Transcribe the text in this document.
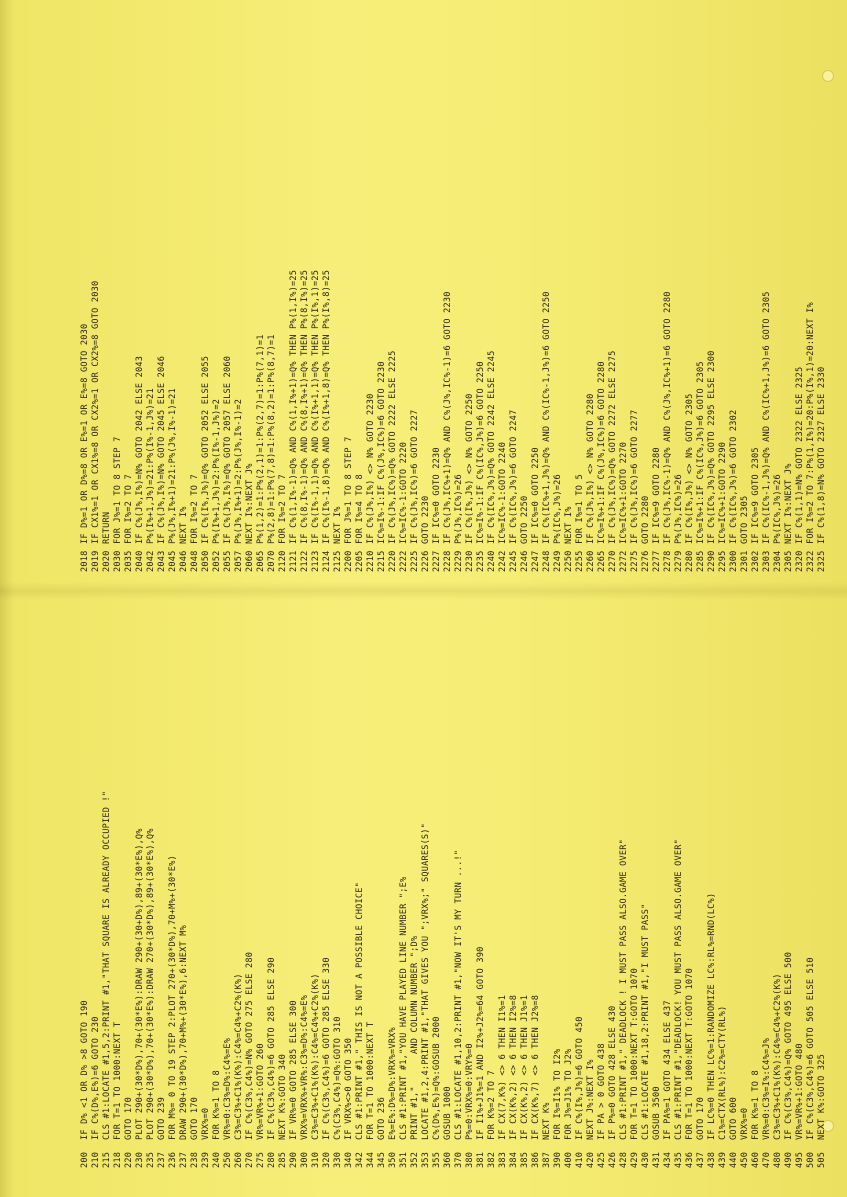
200
IF D% <1 OR D% >8 GOTO 190
210
IF C%(D%,E%)=6 GOTO 230
215
CLS #1:LOCATE #1,5,2:PRINT #1,"THAT SQUARE IS ALREADY OCCUPIED !"
218
FOR T=1 TO 1000:NEXT T
220
GOTO 170
230
PLOT 290+(30*D%),70+(30*E%):DRAW 290+(30+D%),89+(30*E%),Q%
235
PLOT 290+(30*D%),70+(30*E%):DRAW 270+(30*D%),89+(30*E%),Q%
237
GOTO 239
236
FOR M%= 0 TO 19 STEP 2:PLOT 270+(30*D%),70+M%+(30*E%)
237
DRAW 290+(30*D%),70+M%+(30*E%),6:NEXT M%
238
GOTO 170
239
VRX%=0
240
FOR K%=1 TO 8
250
VR%=0:C3%=D%:C4%=E%
260
C3%=C3%+C1%(K%):C4%=C4%+C2%(K%)
270
IF C%(C3%,C4%)=N% GOTO 275 ELSE 280
275
VR%=VR%+1:GOTO 260
280
IF C%(C3%,C4%)=6 GOTO 285 ELSE 290
285
NEXT K%:GOTO 340
290
IF VR%=0 GOTO 285 ELSE 300
300
VRX%=VRX%+VR%:C3%=D%:C4%=E%
310
C3%=C3%+C1%(K%):C4%=C4%+C2%(K%)
320
IF C%(C3%,C4%)=6 GOTO 285 ELSE 330
330
C%(C3%,C4%)=Q%:GOTO 310
340
IF VRX%<>0 GOTO 350
342
CLS #1:PRINT #1," THIS IS NOT A POSSIBLE CHOICE"
344
FOR T=1 TO 1000:NEXT T
345
GOTO 236
350
E%=E%:D%=D%:VRX%=VRX%
351
CLS #1:PRINT #1,"YOU HAVE PLAYED LINE NUMBER ";E%
352
PRINT #1,"      AND COLUMN NUMBER ";D%
353
LOCATE #1,2,4:PRINT #1,"THAT GIVES YOU ";VRX%;" SQUARES(S)"
355
C%(D%,E%)=Q%:GOSUB 2000
360
GOSUB 1000
370
CLS #1:LOCATE #1,10,2:PRINT #1,"NOW IT'S MY TURN ...!"
380
P%=0:VRX%=0:VRY%=0
381
IF I1%+J1%=1 AND I2%+J2%=64 GOTO 390
382
FOR K%=2 TO 7
383
IF CX(7,K%) <> 6 THEN I1%=1
384
IF CX(K%,2) <> 6 THEN I2%=8
385
IF CX(K%,2) <> 6 THEN J1%=1
386
IF CX(K%,7) <> 6 THEN J2%=8
387
NEXT K%
390
FOR I%=I1% TO I2%
400
FOR J%=J1% TO J2%
410
IF C%(I%,J%)=6 GOTO 450
420
NEXT J%:NEXT I%
425
IF PA > 0 GOTO 438
426
IF P%=0 GOTO 428 ELSE 430
428
CLS #1:PRINT #1," DEADLOCK ! I MUST PASS ALSO.GAME OVER"
429
FOR T=1 TO 1000:NEXT T:GOTO 1070
430
CLS #1:LOCATE #1,18,2:PRINT #1,"I MUST PASS"
431
GOSUB 3500
434
IF PA%=1 GOTO 434 ELSE 437
435
CLS #1:PRINT #1,"DEADLOCK! YOU MUST PASS ALSO.GAME OVER"
436
FOR T=1 TO 1000:NEXT T:GOTO 1070
437
GOTO 170
438
IF LC%=0 THEN LC%=1:RANDOMIZE LC%:RL%=RND(LC%)
439
C1%=CTX(RL%):C2%=CTY(RL%)
440
GOTO 600
450
VRX%=0
460
FOR K%=1 TO 8
470
VR%=0:C3%=I%:C4%=J%
480
C3%=C3%+C1%(K%):C4%=C4%+C2%(K%)
490
IF C%(C3%,C4%)=Q% GOTO 495 ELSE 500
495
VR%=VR%+1:GOTO 480
500
IF C%(C3%,C4%)=6 GOTO 505 ELSE 510
505
NEXT K%:GOTO 325
2018
IF D%=1 OR D%=8 OR E%=1 OR E%=8 GOTO 2030
2019
IF CX1%=1 OR CX1%=8 OR CX2%=1 OR CX2%=8 GOTO 2030
2020
RETURN
2030
FOR J%=1 TO 8 STEP 7
2035
FOR I%=2 TO 7
2040
IF C%(J%,I%)=N% GOTO 2042 ELSE 2043
2042
P%(I%+1,J%)=21:P%(I%-1,J%)=21
2043
IF C%(J%,I%)=N% GOTO 2045 ELSE 2046
2045
P%(J%,I%+1)=21:P%(J%,I%-1)=21
2046
NEXT I%
2048
FOR I%=2 TO 7
2050
IF C%(I%,J%)=Q% GOTO 2052 ELSE 2055
2052
P%(I%+1,J%)=2:P%(I%-1,J%)=2
2055
IF C%(J%,I%)=Q% GOTO 2057 ELSE 2060
2057
P%(J%,I%+1)=2:P%(J%,I%-1)=2
2060
NEXT I%:NEXT J%
2065
P%(1,2)=1:P%(2,1)=1:P%(2,7)=1:P%(7,1)=1
2070
P%(2,8)=1:P%(7,8)=1:P%(8,2)=1:P%(8,7)=1
2120
FOR I%=2 TO 7
2121
IF C%(1,I%-1)=Q% AND C%(1,I%+1)=Q% THEN P%(1,I%)=25
2122
IF C%(8,I%-1)=Q% AND C%(8,I%+1)=Q% THEN P%(8,I%)=25
2123
IF C%(I%-1,1)=Q% AND C%(I%+1,1)=Q% THEN P%(I%,1)=25
2124
IF C%(I%-1,8)=Q% AND C%(I%+1,8)=Q% THEN P%(I%,8)=25
2125
NEXT I%
2200
FOR J%=1 TO 8 STEP 7
2205
FOR I%=4 TO 8
2210
IF C%(J%,I%) <> N% GOTO 2230
2215
IC%=I%-1:IF C%(J%,IC%)=6 GOTO 2230
2220
IF C%(J%,IC%)=Q% GOTO 2222 ELSE 2225
2222
IC%=IC%-1:GOTO 2220
2225
IF C%(J%,IC%)=6 GOTO 2227
2226
GOTO 2230
2227
IF IC%=0 GOTO 2230
2228
IF C%(J%,IC%+1)=Q% AND C%(J%,IC%-1)=6 GOTO 2230
2229
P%(J%,IC%)=26
2230
IF C%(I%,J%) <> N% GOTO 2250
2235
IC%=I%-1:IF C%(IC%,J%)=6 GOTO 2250
2240
IF C%(IC%,J%)=Q% GOTO 2242 ELSE 2245
2242
IC%=IC%-1:GOTO 2240
2245
IF C%(IC%,J%)=6 GOTO 2247
2246
GOTO 2250
2247
IF IC%=0 GOTO 2250
2248
IF C%(IC%+1,J%)=Q% AND C%(IC%-1,J%)=6 GOTO 2250
2249
P%(IC%,J%)=26
2250
NEXT I%
2255
FOR I%=1 TO 5
2260
IF C%(J%,I%) <> N% GOTO 2280
2265
IC%=I%+1:IF C%(J%,IC%)=6 GOTO 2280
2270
IF C%(J%,IC%)=Q% GOTO 2272 ELSE 2275
2272
IC%=IC%+1:GOTO 2270
2275
IF C%(J%,IC%)=6 GOTO 2277
2276
GOTO 2280
2277
IF IC%=9 GOTO 2280
2278
IF C%(J%,IC%-1)=Q% AND C%(J%,IC%+1)=6 GOTO 2280
2279
P%(J%,IC%)=26
2280
IF C%(I%,J%) <> N% GOTO 2305
2285
IC%=I%+1:IF C%(IC%,J%)=6 GOTO 2305
2290
IF C%(IC%,J%)=Q% GOTO 2295 ELSE 2300
2295
IC%=IC%+1:GOTO 2290
2300
IF C%(IC%,J%)=6 GOTO 2302
2301
GOTO 2305
2302
IF IC%=9 GOTO 2305
2303
IF C%(IC%-1,J%)=Q% AND C%(IC%+1,J%)=6 GOTO 2305
2304
P%(IC%,J%)=26
2305
NEXT I%:NEXT J%
2320
IF C%(1,1)=N% GOTO 2322 ELSE 2325
2322
FOR I%=2 TO 7:P%(1,I%)=20:P%(I%,1)=20:NEXT I%
2325
IF C%(1,8)=N% GOTO 2327 ELSE 2330
